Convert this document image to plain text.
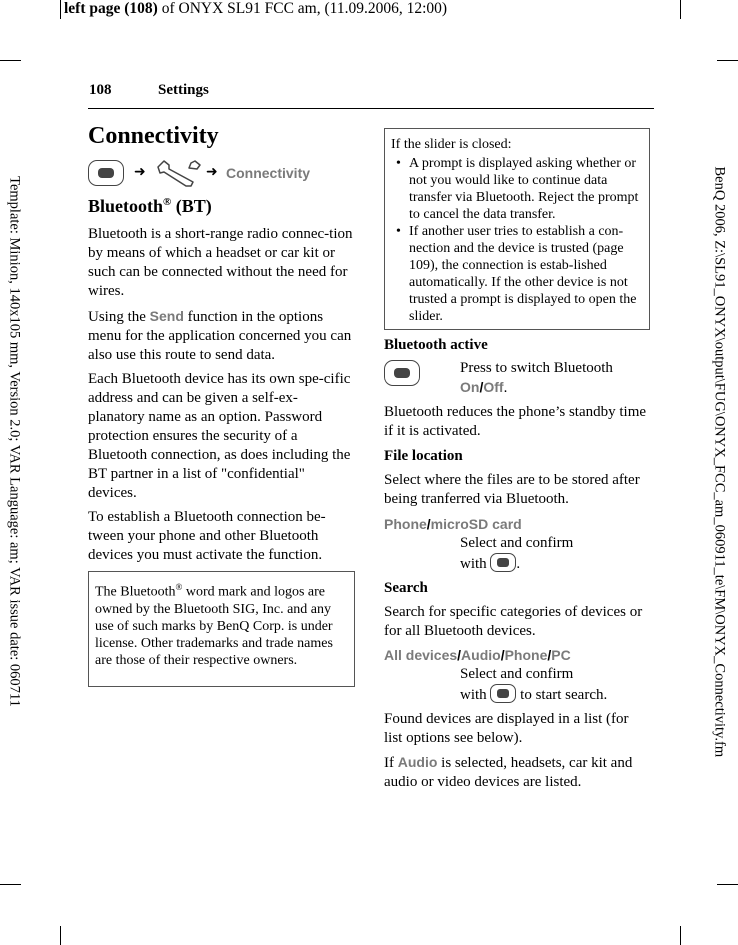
left page (108) of ONYX SL91 FCC am, (11.09.2006, 12:00)
Template: Minion, 140x105 mm, Version 2.0; VAR Language: am; VAR issue date: 060711	BenQ 2006, Z:\SL91_ONYX\output\FUG\ONYX_FCC_am_060911_te\FM\ONYX_Connectivity.fm
108	Settings
Connectivity
➜	➜ Connectivity
Bluetooth® (BT)

Bluetooth is a short-range radio connec-tion by means of which a headset or car kit or such can be connected without the need for wires.

Using the Send function in the options menu for the application concerned you can also use this route to send data.

Each Bluetooth device has its own spe-cific address and can be given a self-ex-planatory name as an option. Password protection ensures the security of a Bluetooth connection, as does including the BT partner in a list of "confidential" devices.

To establish a Bluetooth connection be-tween your phone and other Bluetooth devices you must activate the function.

The Bluetooth® word mark and logos are owned by the Bluetooth SIG, Inc. and any use of such marks by BenQ Corp. is under license. Other trademarks and trade names are those of their respective owners.
If the slider is closed:
• A prompt is displayed asking whether or not you would like to continue data transfer via Bluetooth. Reject the prompt to cancel the data transfer.
• If another user tries to establish a con-nection and the device is trusted (page 109), the connection is estab-lished automatically. If the other device is not trusted a prompt is displayed to open the slider.
Bluetooth active

Press to switch Bluetooth
On/Off.

Bluetooth reduces the phone’s standby time if it is activated.

File location

Select where the files are to be stored after being tranferred via Bluetooth.

Phone/microSD card

Select and confirm
with .

Search

Search for specific categories of devices or for all Bluetooth devices.

All devices/Audio/Phone/PC

Select and confirm
with to start search.

Found devices are displayed in a list (for list options see below).

If Audio is selected, headsets, car kit and audio or video devices are listed.
